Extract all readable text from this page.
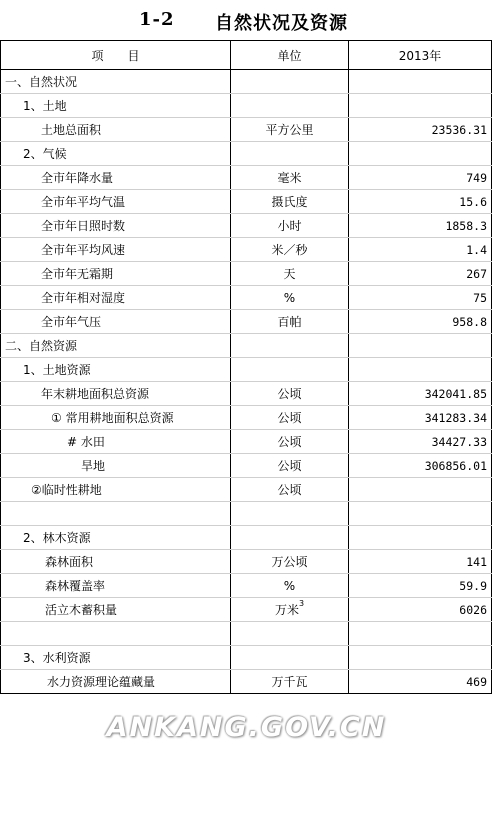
1-2 自然状况及资源
项　　目	单位	2013年
一、自然状况		
1、土地		
土地总面积	平方公里	23536.31
2、气候		
全市年降水量	毫米	749
全市年平均气温	摄氏度	15.6
全市年日照时数	小时	1858.3
全市年平均风速	米／秒	1.4
全市年无霜期	天	267
全市年相对湿度	%	75
全市年气压	百帕	958.8
二、自然资源		
1、土地资源		
年末耕地面积总资源	公顷	342041.85
① 常用耕地面积总资源	公顷	341283.34
# 水田	公顷	34427.33
旱地	公顷	306856.01
②临时性耕地	公顷	

2、林木资源		
森林面积	万公顷	141
森林覆盖率	%	59.9
活立木蓄积量	万米$^3$	6026

3、水利资源		
水力资源理论蕴藏量	万千瓦	469
ANKANG.GOV.CN
